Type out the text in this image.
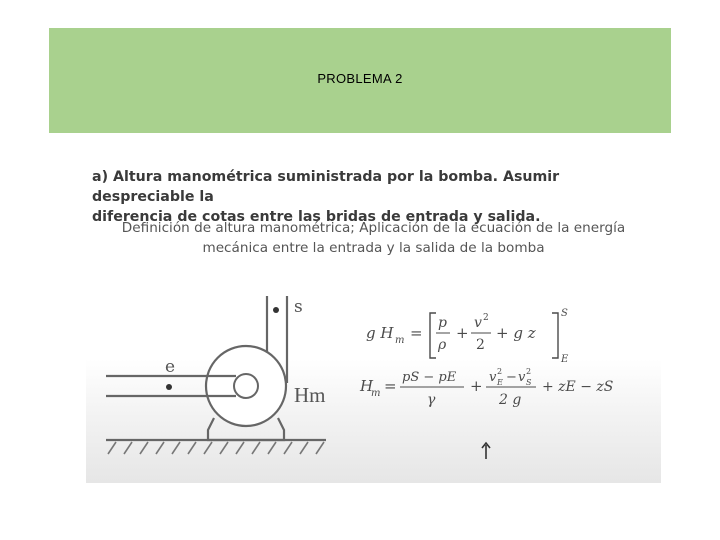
PROBLEMA 2
a) Altura manométrica suministrada por la bomba. Asumir despreciable la
diferencia de cotas entre las bridas de entrada y salida.
Definición de altura manométrica; Aplicación de la ecuación de la energía
mecánica entre la entrada y la salida de la bomba
s
e
Hm
g H m =
p
ρ
+
v 2
2
+ g z
S
E
H
m = pS − pE
γ
+ v 2
E − v 2
S
2 g
+ zE − zS
